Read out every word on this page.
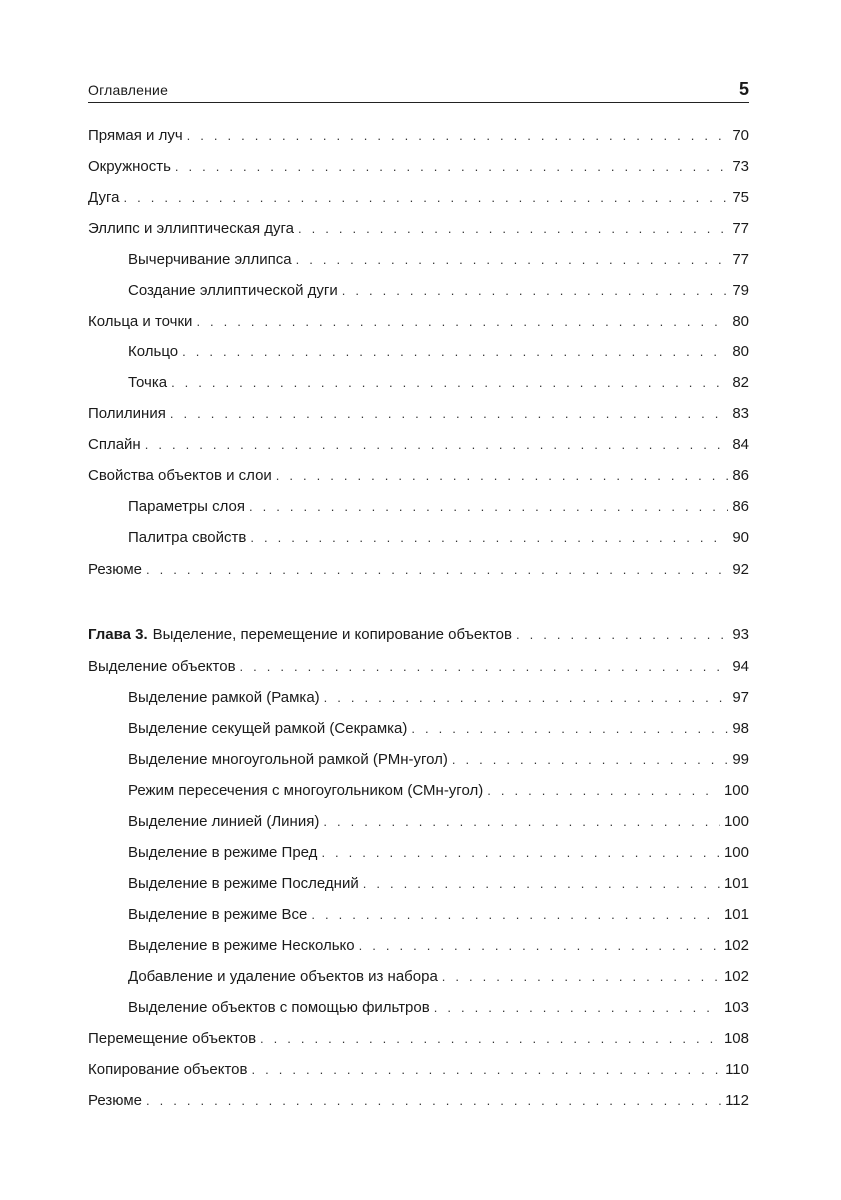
Оглавление	5
Прямая и луч . . .	70
Окружность . . .	73
Дуга . . .	75
Эллипс и эллиптическая дуга . . .	77
Вычерчивание эллипса . . .	77
Создание эллиптической дуги . . .	79
Кольца и точки . . .	80
Кольцо . . .	80
Точка . . .	82
Полилиния . . .	83
Сплайн . . .	84
Свойства объектов и слои . . .	86
Параметры слоя . . .	86
Палитра свойств . . .	90
Резюме . . .	92
Глава 3. Выделение, перемещение и копирование объектов . . .	93
Выделение объектов . . .	94
Выделение рамкой (Рамка) . . .	97
Выделение секущей рамкой (Секрамка) . . .	98
Выделение многоугольной рамкой (РМн-угол) . . .	99
Режим пересечения с многоугольником (СМн-угол) . . .	100
Выделение линией (Линия) . . .	100
Выделение в режиме Пред . . .	100
Выделение в режиме Последний . . .	101
Выделение в режиме Все . . .	101
Выделение в режиме Несколько . . .	102
Добавление и удаление объектов из набора . . .	102
Выделение объектов с помощью фильтров . . .	103
Перемещение объектов . . .	108
Копирование объектов . . .	110
Резюме . . .	112
